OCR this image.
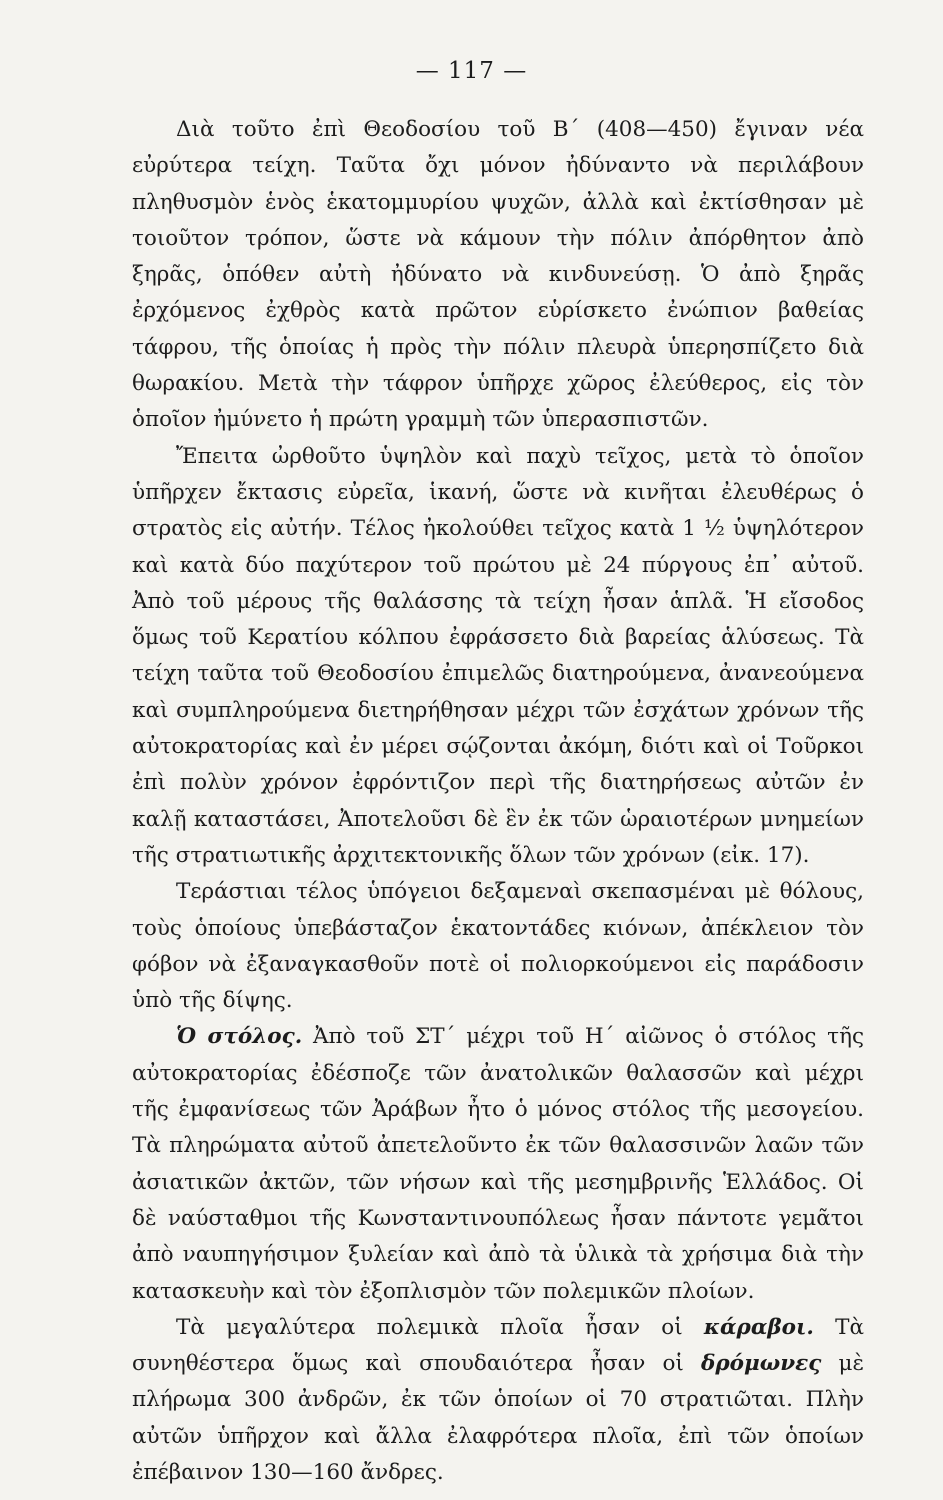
— 117 —

Διὰ τοῦτο ἐπὶ Θεοδοσίου τοῦ Β΄ (408—450) ἔγιναν νέα εὐρύτερα τείχη. Ταῦτα ὄχι μόνον ἠδύναντο νὰ περιλάβουν πληθυσμὸν ἑνὸς ἑκατομμυρίου ψυχῶν, ἀλλὰ καὶ ἐκτίσθησαν μὲ τοιοῦτον τρόπον, ὥστε νὰ κάμουν τὴν πόλιν ἀπόρθητον ἀπὸ ξηρᾶς, ὁπόθεν αὐτὴ ἠδύνατο νὰ κινδυνεύσῃ. Ὁ ἀπὸ ξηρᾶς ἐρχόμενος ἐχθρὸς κατὰ πρῶτον εὑρίσκετο ἐνώπιον βαθείας τάφρου, τῆς ὁποίας ἡ πρὸς τὴν πόλιν πλευρὰ ὑπερησπίζετο διὰ θωρακίου. Μετὰ τὴν τάφρον ὑπῆρχε χῶρος ἐλεύθερος, εἰς τὸν ὁποῖον ἠμύνετο ἡ πρώτη γραμμὴ τῶν ὑπερασπιστῶν.

Ἔπειτα ὠρθοῦτο ὑψηλὸν καὶ παχὺ τεῖχος, μετὰ τὸ ὁποῖον ὑπῆρχεν ἔκτασις εὐρεῖα, ἱκανή, ὥστε νὰ κινῆται ἐλευθέρως ὁ στρατὸς εἰς αὐτήν. Τέλος ἠκολούθει τεῖχος κατὰ 1 ½ ὑψηλότερον καὶ κατὰ δύο παχύτερον τοῦ πρώτου μὲ 24 πύργους ἐπ᾽ αὐτοῦ. Ἀπὸ τοῦ μέρους τῆς θαλάσσης τὰ τείχη ἦσαν ἁπλᾶ. Ἡ εἴσοδος ὅμως τοῦ Κερατίου κόλπου ἐφράσσετο διὰ βαρείας ἁλύσεως. Τὰ τείχη ταῦτα τοῦ Θεοδοσίου ἐπιμελῶς διατηρούμενα, ἀνανεούμενα καὶ συμπληρούμενα διετηρήθησαν μέχρι τῶν ἐσχάτων χρόνων τῆς αὐτοκρατορίας καὶ ἐν μέρει σῴζονται ἀκόμη, διότι καὶ οἱ Τοῦρκοι ἐπὶ πολὺν χρόνον ἐφρόντιζον περὶ τῆς διατηρήσεως αὐτῶν ἐν καλῇ καταστάσει, Ἀποτελοῦσι δὲ ἓν ἐκ τῶν ὡραιοτέρων μνημείων τῆς στρατιωτικῆς ἀρχιτεκτονικῆς ὅλων τῶν χρόνων (εἰκ. 17).

Τεράστιαι τέλος ὑπόγειοι δεξαμεναὶ σκεπασμέναι μὲ θόλους, τοὺς ὁποίους ὑπεβάσταζον ἑκατοντάδες κιόνων, ἀπέκλειον τὸν φόβον νὰ ἐξαναγκασθοῦν ποτὲ οἱ πολιορκούμενοι εἰς παράδοσιν ὑπὸ τῆς δίψης.

Ὁ στόλος. Ἀπὸ τοῦ ΣΤ΄ μέχρι τοῦ Η΄ αἰῶνος ὁ στόλος τῆς αὐτοκρατορίας ἐδέσποζε τῶν ἀνατολικῶν θαλασσῶν καὶ μέχρι τῆς ἐμφανίσεως τῶν Ἀράβων ἦτο ὁ μόνος στόλος τῆς μεσογείου. Τὰ πληρώματα αὐτοῦ ἀπετελοῦντο ἐκ τῶν θαλασσινῶν λαῶν τῶν ἀσιατικῶν ἀκτῶν, τῶν νήσων καὶ τῆς μεσημβρινῆς Ἑλλάδος. Οἱ δὲ ναύσταθμοι τῆς Κωνσταντινουπόλεως ἦσαν πάντοτε γεμᾶτοι ἀπὸ ναυπηγήσιμον ξυλείαν καὶ ἀπὸ τὰ ὑλικὰ τὰ χρήσιμα διὰ τὴν κατασκευὴν καὶ τὸν ἐξοπλισμὸν τῶν πολεμικῶν πλοίων.

Τὰ μεγαλύτερα πολεμικὰ πλοῖα ἦσαν οἱ κάραβοι. Τὰ συνηθέστερα ὅμως καὶ σπουδαιότερα ἦσαν οἱ δρόμωνες μὲ πλήρωμα 300 ἀνδρῶν, ἐκ τῶν ὁποίων οἱ 70 στρατιῶται. Πλὴν αὐτῶν ὑπῆρχον καὶ ἄλλα ἐλαφρότερα πλοῖα, ἐπὶ τῶν ὁποίων ἐπέβαινον 130—160 ἄνδρες.
